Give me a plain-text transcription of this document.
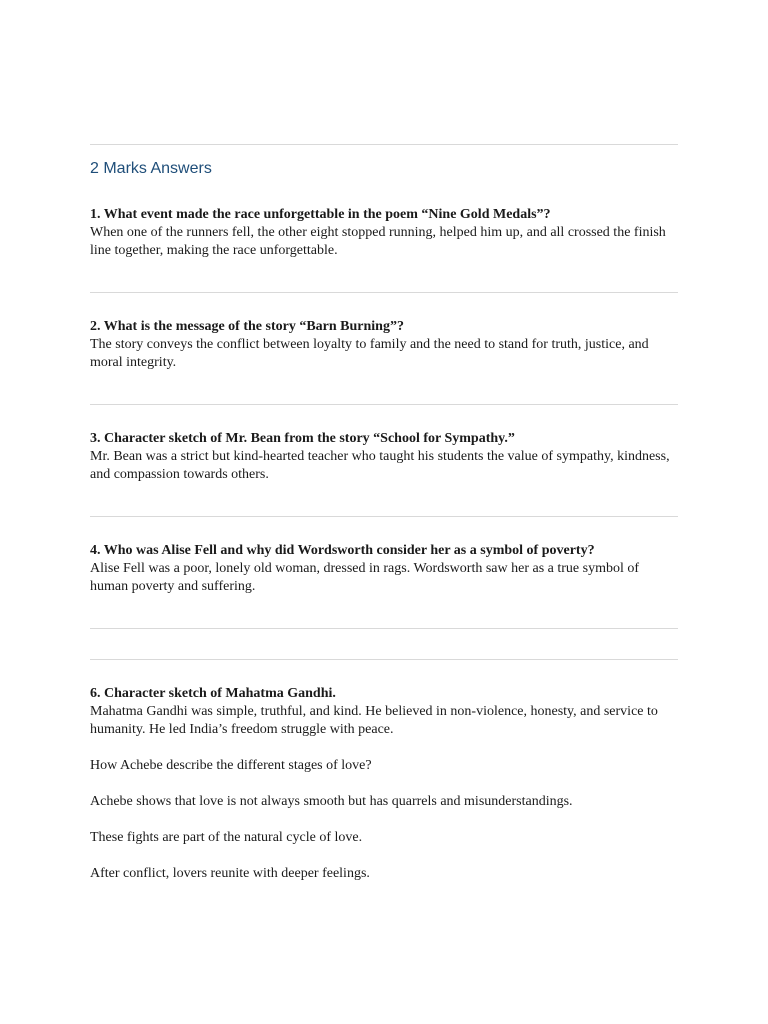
2 Marks Answers
1. What event made the race unforgettable in the poem “Nine Gold Medals”?
When one of the runners fell, the other eight stopped running, helped him up, and all crossed the finish line together, making the race unforgettable.
2. What is the message of the story “Barn Burning”?
The story conveys the conflict between loyalty to family and the need to stand for truth, justice, and moral integrity.
3. Character sketch of Mr. Bean from the story “School for Sympathy.”
Mr. Bean was a strict but kind-hearted teacher who taught his students the value of sympathy, kindness, and compassion towards others.
4. Who was Alise Fell and why did Wordsworth consider her as a symbol of poverty?
Alise Fell was a poor, lonely old woman, dressed in rags. Wordsworth saw her as a true symbol of human poverty and suffering.
6. Character sketch of Mahatma Gandhi.
Mahatma Gandhi was simple, truthful, and kind. He believed in non-violence, honesty, and service to humanity. He led India’s freedom struggle with peace.

How Achebe describe the different stages of love?

Achebe shows that love is not always smooth but has quarrels and misunderstandings.

These fights are part of the natural cycle of love.

After conflict, lovers reunite with deeper feelings.
